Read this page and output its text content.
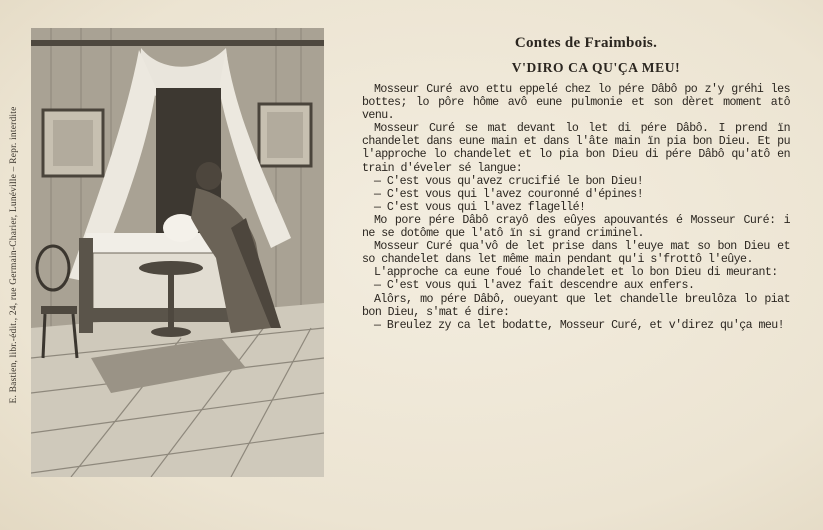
E. Bastien, libr.-édit., 24, rue Germain-Charier, Lunéville – Repr. interdite
Contes de Fraimbois.
V'DIRO CA QU'ÇA MEU!

Mosseur Curé avo ettu eppelé chez lo pére Dâbô po z'y gréhi les bottes; lo pôre hôme avô eune pulmonie et son dèret moment atô venu.

Mosseur Curé se mat devant lo let di pére Dâbô. I prend ïn chandelet dans eune main et dans l'âte main ïn pia bon Dieu. Et pu l'approche lo chandelet et lo pia bon Dieu di pére Dâbô qu'atô en train d'éveler sé langue:

— C'est vous qu'avez crucifié le bon Dieu!

— C'est vous qui l'avez couronné d'épines!

— C'est vous qui l'avez flagellé!

Mo pore pére Dâbô crayô des eûyes apouvantés é Mosseur Curé: i ne se dotôme que l'atô ïn si grand criminel.

Mosseur Curé qua'vô de let prise dans l'euye mat so bon Dieu et so chandelet dans let même main pendant qu'i s'frottô l'eûye.

L'approche ca eune foué lo chandelet et lo bon Dieu di meurant:

— C'est vous qui l'avez fait descendre aux enfers.

Alôrs, mo pére Dâbô, oueyant que let chandelle breulôza lo piat bon Dieu, s'mat é dire:

— Breulez zy ca let bodatte, Mosseur Curé, et v'direz qu'ça meu!
